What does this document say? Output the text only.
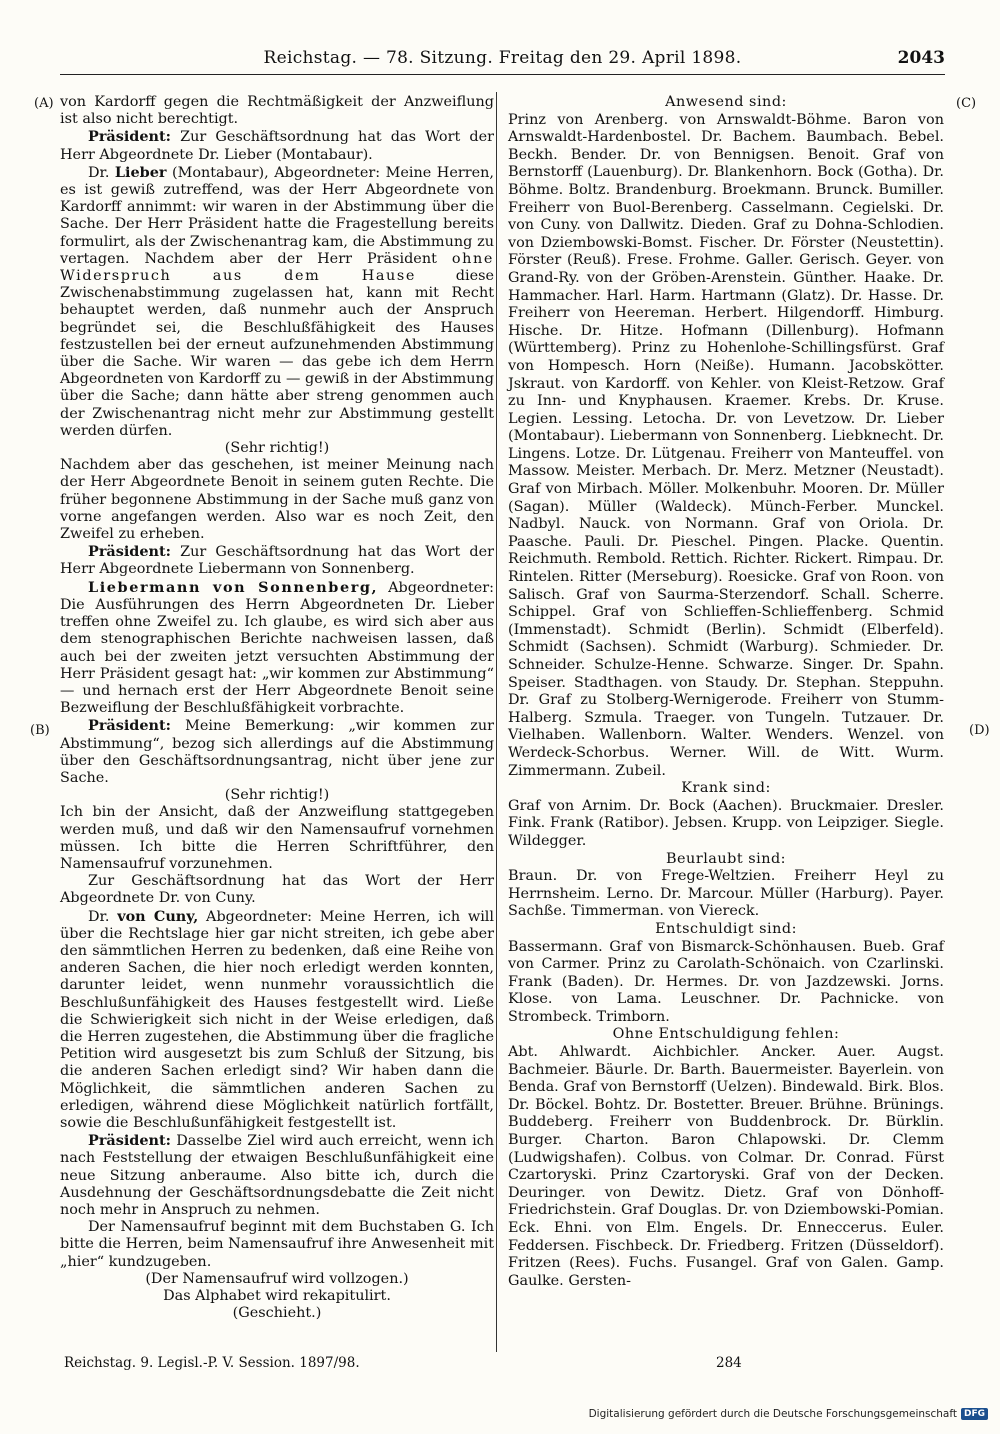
Reichstag. — 78. Sitzung. Freitag den 29. April 1898.	2043
(A)
(B)
(C)
(D)

von Kardorff gegen die Rechtmäßigkeit der Anzweiflung ist also nicht berechtigt.

Präsident: Zur Geschäftsordnung hat das Wort der Herr Abgeordnete Dr. Lieber (Montabaur).

Dr. Lieber (Montabaur), Abgeordneter: Meine Herren, es ist gewiß zutreffend, was der Herr Abgeordnete von Kardorff annimmt: wir waren in der Abstimmung über die Sache. Der Herr Präsident hatte die Fragestellung bereits formulirt, als der Zwischenantrag kam, die Abstimmung zu vertagen. Nachdem aber der Herr Präsident ohne Widerspruch aus dem Hause diese Zwischenabstimmung zugelassen hat, kann mit Recht behauptet werden, daß nunmehr auch der Anspruch begründet sei, die Beschlußfähigkeit des Hauses festzustellen bei der erneut aufzunehmenden Abstimmung über die Sache. Wir waren — das gebe ich dem Herrn Abgeordneten von Kardorff zu — gewiß in der Abstimmung über die Sache; dann hätte aber streng genommen auch der Zwischenantrag nicht mehr zur Abstimmung gestellt werden dürfen.

(Sehr richtig!)

Nachdem aber das geschehen, ist meiner Meinung nach der Herr Abgeordnete Benoit in seinem guten Rechte. Die früher begonnene Abstimmung in der Sache muß ganz von vorne angefangen werden. Also war es noch Zeit, den Zweifel zu erheben.

Präsident: Zur Geschäftsordnung hat das Wort der Herr Abgeordnete Liebermann von Sonnenberg.

Liebermann von Sonnenberg, Abgeordneter: Die Ausführungen des Herrn Abgeordneten Dr. Lieber treffen ohne Zweifel zu. Ich glaube, es wird sich aber aus dem stenographischen Berichte nachweisen lassen, daß auch bei der zweiten jetzt versuchten Abstimmung der Herr Präsident gesagt hat: „wir kommen zur Abstimmung“ — und hernach erst der Herr Abgeordnete Benoit seine Bezweiflung der Beschlußfähigkeit vorbrachte.

Präsident: Meine Bemerkung: „wir kommen zur Abstimmung“, bezog sich allerdings auf die Abstimmung über den Geschäftsordnungsantrag, nicht über jene zur Sache.

(Sehr richtig!)

Ich bin der Ansicht, daß der Anzweiflung stattgegeben werden muß, und daß wir den Namensaufruf vornehmen müssen. Ich bitte die Herren Schriftführer, den Namensaufruf vorzunehmen.

Zur Geschäftsordnung hat das Wort der Herr Abgeordnete Dr. von Cuny.

Dr. von Cuny, Abgeordneter: Meine Herren, ich will über die Rechtslage hier gar nicht streiten, ich gebe aber den sämmtlichen Herren zu bedenken, daß eine Reihe von anderen Sachen, die hier noch erledigt werden konnten, darunter leidet, wenn nunmehr voraussichtlich die Beschlußunfähigkeit des Hauses festgestellt wird. Ließe die Schwierigkeit sich nicht in der Weise erledigen, daß die Herren zugestehen, die Abstimmung über die fragliche Petition wird ausgesetzt bis zum Schluß der Sitzung, bis die anderen Sachen erledigt sind? Wir haben dann die Möglichkeit, die sämmtlichen anderen Sachen zu erledigen, während diese Möglichkeit natürlich fortfällt, sowie die Beschlußunfähigkeit festgestellt ist.

Präsident: Dasselbe Ziel wird auch erreicht, wenn ich nach Feststellung der etwaigen Beschlußunfähigkeit eine neue Sitzung anberaume. Also bitte ich, durch die Ausdehnung der Geschäftsordnungsdebatte die Zeit nicht noch mehr in Anspruch zu nehmen.

Der Namensaufruf beginnt mit dem Buchstaben G. Ich bitte die Herren, beim Namensaufruf ihre Anwesenheit mit „hier“ kundzugeben.

(Der Namensaufruf wird vollzogen.)

Das Alphabet wird rekapitulirt.

(Geschieht.)

Anwesend sind:

Prinz von Arenberg. von Arnswaldt-Böhme. Baron von Arnswaldt-Hardenbostel. Dr. Bachem. Baumbach. Bebel. Beckh. Bender. Dr. von Bennigsen. Benoit. Graf von Bernstorff (Lauenburg). Dr. Blankenhorn. Bock (Gotha). Dr. Böhme. Boltz. Brandenburg. Broekmann. Brunck. Bumiller. Freiherr von Buol-Berenberg. Casselmann. Cegielski. Dr. von Cuny. von Dallwitz. Dieden. Graf zu Dohna-Schlodien. von Dziembowski-Bomst. Fischer. Dr. Förster (Neustettin). Förster (Reuß). Frese. Frohme. Galler. Gerisch. Geyer. von Grand-Ry. von der Gröben-Arenstein. Günther. Haake. Dr. Hammacher. Harl. Harm. Hartmann (Glatz). Dr. Hasse. Dr. Freiherr von Heereman. Herbert. Hilgendorff. Himburg. Hische. Dr. Hitze. Hofmann (Dillenburg). Hofmann (Württemberg). Prinz zu Hohenlohe-Schillingsfürst. Graf von Hompesch. Horn (Neiße). Humann. Jacobskötter. Jskraut. von Kardorff. von Kehler. von Kleist-Retzow. Graf zu Inn- und Knyphausen. Kraemer. Krebs. Dr. Kruse. Legien. Lessing. Letocha. Dr. von Levetzow. Dr. Lieber (Montabaur). Liebermann von Sonnenberg. Liebknecht. Dr. Lingens. Lotze. Dr. Lütgenau. Freiherr von Manteuffel. von Massow. Meister. Merbach. Dr. Merz. Metzner (Neustadt). Graf von Mirbach. Möller. Molkenbuhr. Mooren. Dr. Müller (Sagan). Müller (Waldeck). Münch-Ferber. Munckel. Nadbyl. Nauck. von Normann. Graf von Oriola. Dr. Paasche. Pauli. Dr. Pieschel. Pingen. Placke. Quentin. Reichmuth. Rembold. Rettich. Richter. Rickert. Rimpau. Dr. Rintelen. Ritter (Merseburg). Roesicke. Graf von Roon. von Salisch. Graf von Saurma-Sterzendorf. Schall. Scherre. Schippel. Graf von Schlieffen-Schlieffenberg. Schmid (Immenstadt). Schmidt (Berlin). Schmidt (Elberfeld). Schmidt (Sachsen). Schmidt (Warburg). Schmieder. Dr. Schneider. Schulze-Henne. Schwarze. Singer. Dr. Spahn. Speiser. Stadthagen. von Staudy. Dr. Stephan. Steppuhn. Dr. Graf zu Stolberg-Wernigerode. Freiherr von Stumm-Halberg. Szmula. Traeger. von Tungeln. Tutzauer. Dr. Vielhaben. Wallenborn. Walter. Wenders. Wenzel. von Werdeck-Schorbus. Werner. Will. de Witt. Wurm. Zimmermann. Zubeil.

Krank sind:

Graf von Arnim. Dr. Bock (Aachen). Bruckmaier. Dresler. Fink. Frank (Ratibor). Jebsen. Krupp. von Leipziger. Siegle. Wildegger.

Beurlaubt sind:

Braun. Dr. von Frege-Weltzien. Freiherr Heyl zu Herrnsheim. Lerno. Dr. Marcour. Müller (Harburg). Payer. Sachße. Timmerman. von Viereck.

Entschuldigt sind:

Bassermann. Graf von Bismarck-Schönhausen. Bueb. Graf von Carmer. Prinz zu Carolath-Schönaich. von Czarlinski. Frank (Baden). Dr. Hermes. Dr. von Jazdzewski. Jorns. Klose. von Lama. Leuschner. Dr. Pachnicke. von Strombeck. Trimborn.

Ohne Entschuldigung fehlen:

Abt. Ahlwardt. Aichbichler. Ancker. Auer. Augst. Bachmeier. Bäurle. Dr. Barth. Bauermeister. Bayerlein. von Benda. Graf von Bernstorff (Uelzen). Bindewald. Birk. Blos. Dr. Böckel. Bohtz. Dr. Bostetter. Breuer. Brühne. Brünings. Buddeberg. Freiherr von Buddenbrock. Dr. Bürklin. Burger. Charton. Baron Chlapowski. Dr. Clemm (Ludwigshafen). Colbus. von Colmar. Dr. Conrad. Fürst Czartoryski. Prinz Czartoryski. Graf von der Decken. Deuringer. von Dewitz. Dietz. Graf von Dönhoff-Friedrichstein. Graf Douglas. Dr. von Dziembowski-Pomian. Eck. Ehni. von Elm. Engels. Dr. Enneccerus. Euler. Feddersen. Fischbeck. Dr. Friedberg. Fritzen (Düsseldorf). Fritzen (Rees). Fuchs. Fusangel. Graf von Galen. Gamp. Gaulke. Gersten-

Reichstag. 9. Legisl.-P. V. Session. 1897/98.	284
Digitalisierung gefördert durch die Deutsche Forschungsgemeinschaft DFG
